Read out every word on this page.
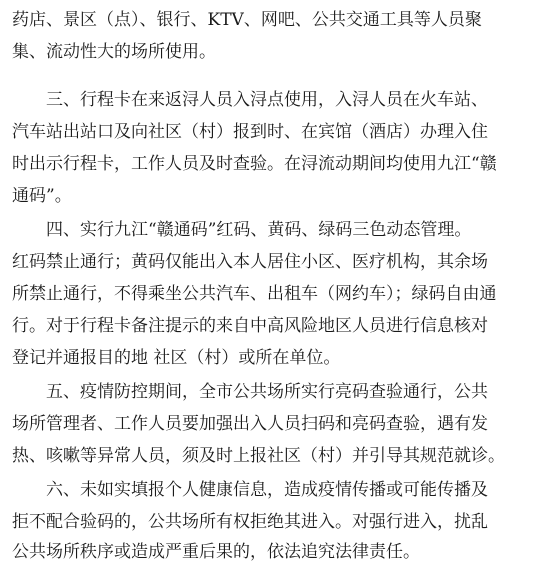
药店、景区（点）、银行、KTV、网吧、公共交通工具等人员聚

集、流动性大的场所使用。

三、行程卡在来返浔人员入浔点使用，入浔人员在火车站、

汽车站出站口及向社区（村）报到时、在宾馆（酒店）办理入住

时出示行程卡，工作人员及时查验。在浔流动期间均使用九江“赣

通码”。

四、实行九江“赣通码”红码、黄码、绿码三色动态管理。

红码禁止通行；黄码仅能出入本人居住小区、医疗机构，其余场

所禁止通行，不得乘坐公共汽车、出租车（网约车）；绿码自由通

行。对于行程卡备注提示的来自中高风险地区人员进行信息核对

登记并通报目的地 社区（村）或所在单位。

五、疫情防控期间，全市公共场所实行亮码查验通行，公共

场所管理者、工作人员要加强出入人员扫码和亮码查验，遇有发

热、咳嗽等异常人员，须及时上报社区（村）并引导其规范就诊。

六、未如实填报个人健康信息，造成疫情传播或可能传播及

拒不配合验码的，公共场所有权拒绝其进入。对强行进入，扰乱

公共场所秩序或造成严重后果的，依法追究法律责任。
